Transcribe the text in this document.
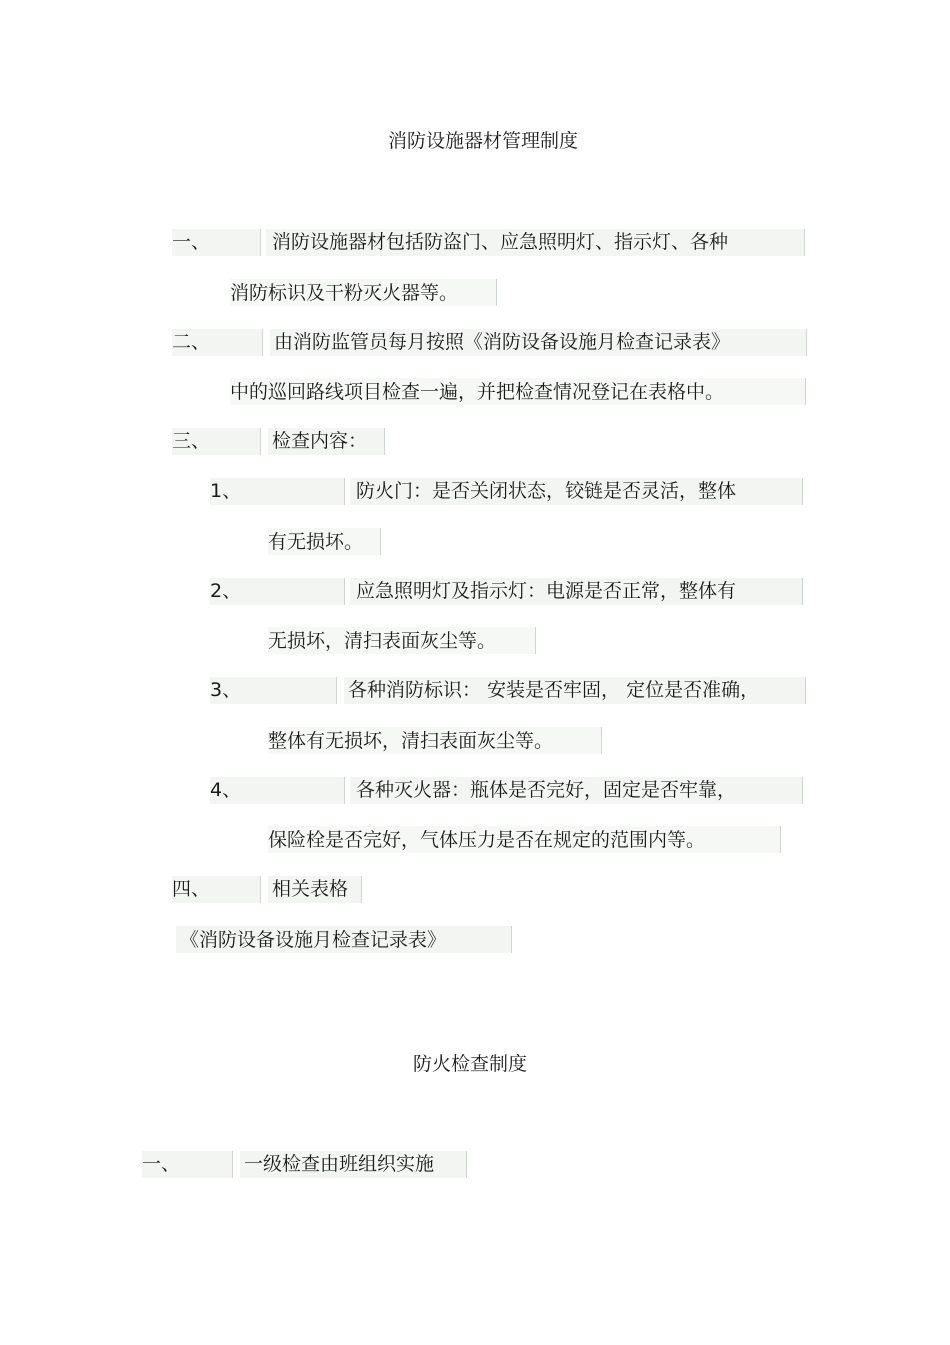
消防设施器材管理制度
一、	消防设施器材包括防盗门、应急照明灯、指示灯、各种
消防标识及干粉灭火器等。
二、	由消防监管员每月按照《消防设备设施月检查记录表》
中的巡回路线项目检查一遍，并把检查情况登记在表格中。
三、	检查内容：
1、	防火门：是否关闭状态，铰链是否灵活，整体
有无损坏。
2、	应急照明灯及指示灯：电源是否正常，整体有
无损坏，清扫表面灰尘等。
3、	各种消防标识： 安装是否牢固， 定位是否准确，
整体有无损坏，清扫表面灰尘等。
4、	各种灭火器：瓶体是否完好，固定是否牢靠，
保险栓是否完好，气体压力是否在规定的范围内等。
四、	相关表格
《消防设备设施月检查记录表》
防火检查制度
一、	一级检查由班组织实施
